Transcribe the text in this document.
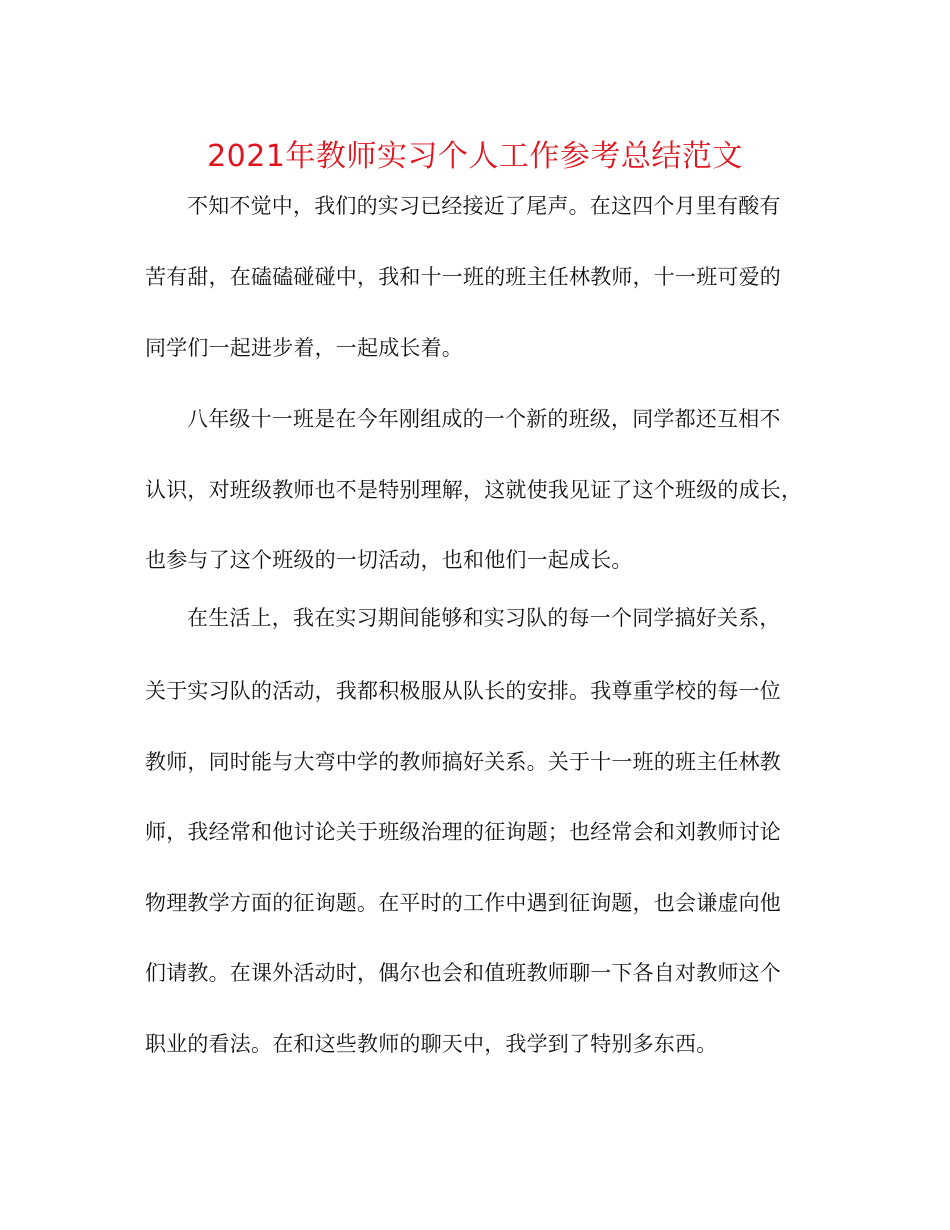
2021年教师实习个人工作参考总结范文
不知不觉中，我们的实习已经接近了尾声。在这四个月里有酸有
苦有甜，在磕磕碰碰中，我和十一班的班主任林教师，十一班可爱的
同学们一起进步着，一起成长着。
八年级十一班是在今年刚组成的一个新的班级，同学都还互相不
认识，对班级教师也不是特别理解，这就使我见证了这个班级的成长，
也参与了这个班级的一切活动，也和他们一起成长。
在生活上，我在实习期间能够和实习队的每一个同学搞好关系，
关于实习队的活动，我都积极服从队长的安排。我尊重学校的每一位
教师，同时能与大弯中学的教师搞好关系。关于十一班的班主任林教
师，我经常和他讨论关于班级治理的征询题；也经常会和刘教师讨论
物理教学方面的征询题。在平时的工作中遇到征询题，也会谦虚向他
们请教。在课外活动时，偶尔也会和值班教师聊一下各自对教师这个
职业的看法。在和这些教师的聊天中，我学到了特别多东西。
